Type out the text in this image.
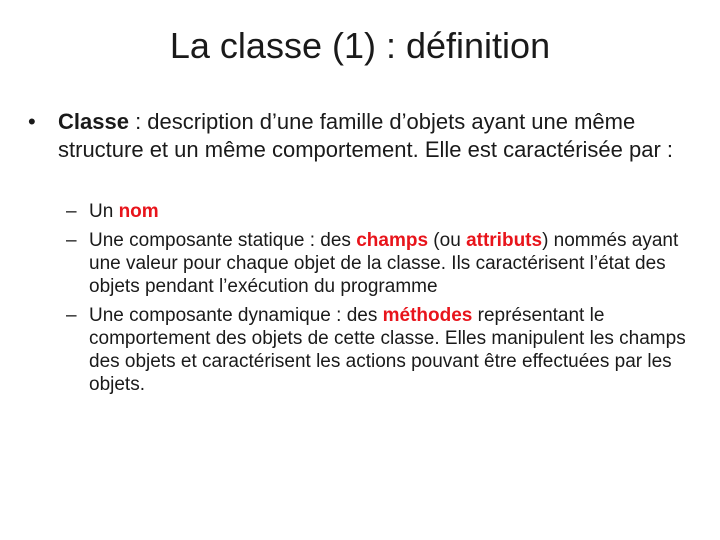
La classe (1) : définition
•	Classe : description d’une famille d’objets ayant une même structure et un même comportement. Elle est caractérisée par :
– Un nom
– Une composante statique : des champs (ou attributs) nommés ayant une valeur pour chaque objet de la classe. Ils caractérisent l’état des objets pendant l’exécution du programme
– Une composante dynamique : des méthodes représentant le comportement des objets de cette classe. Elles manipulent les champs des objets et caractérisent les actions pouvant être effectuées par les objets.
